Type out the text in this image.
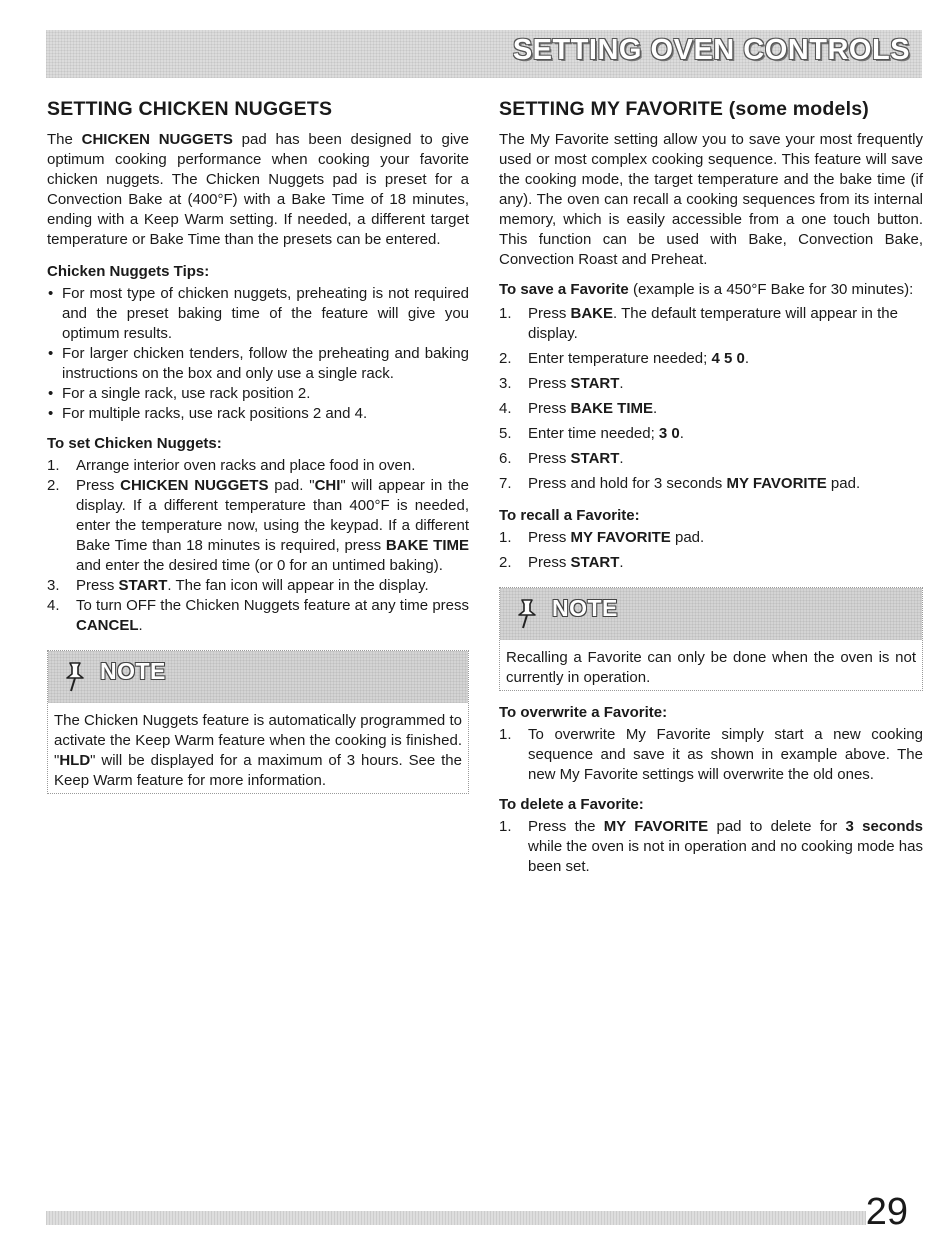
SETTING OVEN CONTROLS
SETTING CHICKEN NUGGETS

The CHICKEN NUGGETS pad has been designed to give optimum cooking performance when cooking your favorite chicken nuggets. The Chicken Nuggets pad is preset for a Convection Bake at (400°F) with a Bake Time of 18 minutes, ending with a Keep Warm setting. If needed, a different target temperature or Bake Time than the presets can be entered.

Chicken Nuggets Tips:
• For most type of chicken nuggets, preheating is not required and the preset baking time of the feature will give you optimum results.
• For larger chicken tenders, follow the preheating and baking instructions on the box and only use a single rack.
• For a single rack, use rack position 2.
• For multiple racks, use rack positions 2 and 4.
To set Chicken Nuggets:
1.	Arrange interior oven racks and place food in oven.
2.	Press CHICKEN NUGGETS pad. "CHI" will appear in the display. If a different temperature than 400°F is needed, enter the temperature now, using the keypad. If a different Bake Time than 18 minutes is required, press BAKE TIME and enter the desired time (or 0 for an untimed baking).
3.	Press START. The fan icon will appear in the display.
4.	To turn OFF the Chicken Nuggets feature at any time press CANCEL.
NOTE

The Chicken Nuggets feature is automatically programmed to activate the Keep Warm feature when the cooking is finished. "HLD" will be displayed for a maximum of 3 hours. See the Keep Warm feature for more information.

SETTING MY FAVORITE (some models)

The My Favorite setting allow you to save your most frequently used or most complex cooking sequence. This feature will save the cooking mode, the target temperature and the bake time (if any). The oven can recall a cooking sequences from its internal memory, which is easily accessible from a one touch button. This function can be used with Bake, Convection Bake, Convection Roast and Preheat.

To save a Favorite (example is a 450°F Bake for 30 minutes):

1.	Press BAKE. The default temperature will appear in the display.
2.	Enter temperature needed; 4 5 0.
3.	Press START.
4.	Press BAKE TIME.
5.	Enter time needed; 3 0.
6.	Press START.
7.	Press and hold for 3 seconds MY FAVORITE pad.
To recall a Favorite:
1.	Press MY FAVORITE pad.
2.	Press START.
NOTE

Recalling a Favorite can only be done when the oven is not currently in operation.

To overwrite a Favorite:
1.	To overwrite My Favorite simply start a new cooking sequence and save it as shown in example above. The new My Favorite settings will overwrite the old ones.
To delete a Favorite:
1.	Press the MY FAVORITE pad to delete for 3 seconds while the oven is not in operation and no cooking mode has been set.
29
